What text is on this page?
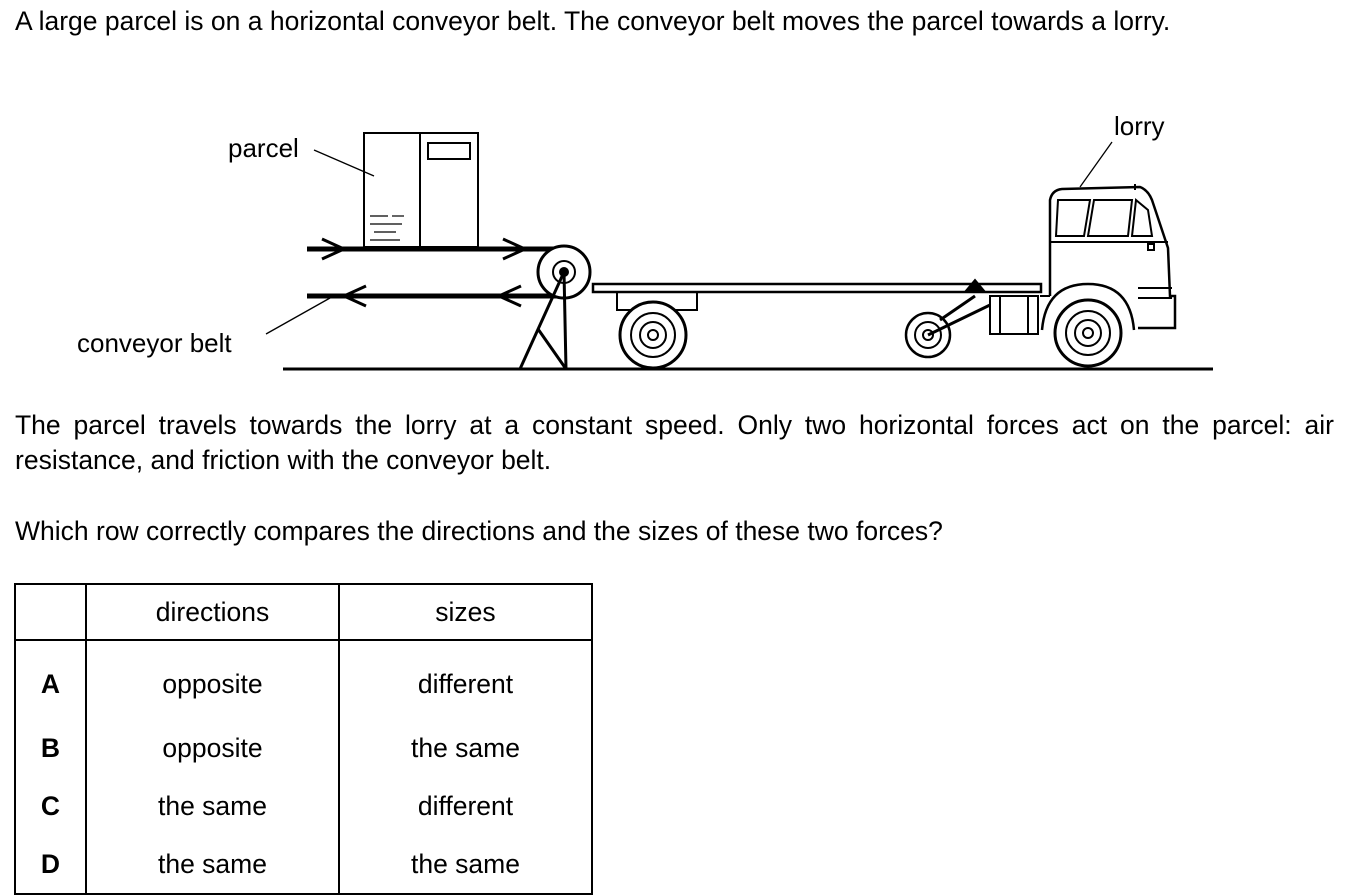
A large parcel is on a horizontal conveyor belt. The conveyor belt moves the parcel towards a lorry.

parcel
lorry
conveyor belt

The parcel travels towards the lorry at a constant speed. Only two horizontal forces act on the parcel: air resistance, and friction with the conveyor belt.

Which row correctly compares the directions and the sizes of these two forces?

	directions	sizes
A	opposite	different
B	opposite	the same
C	the same	different
D	the same	the same
